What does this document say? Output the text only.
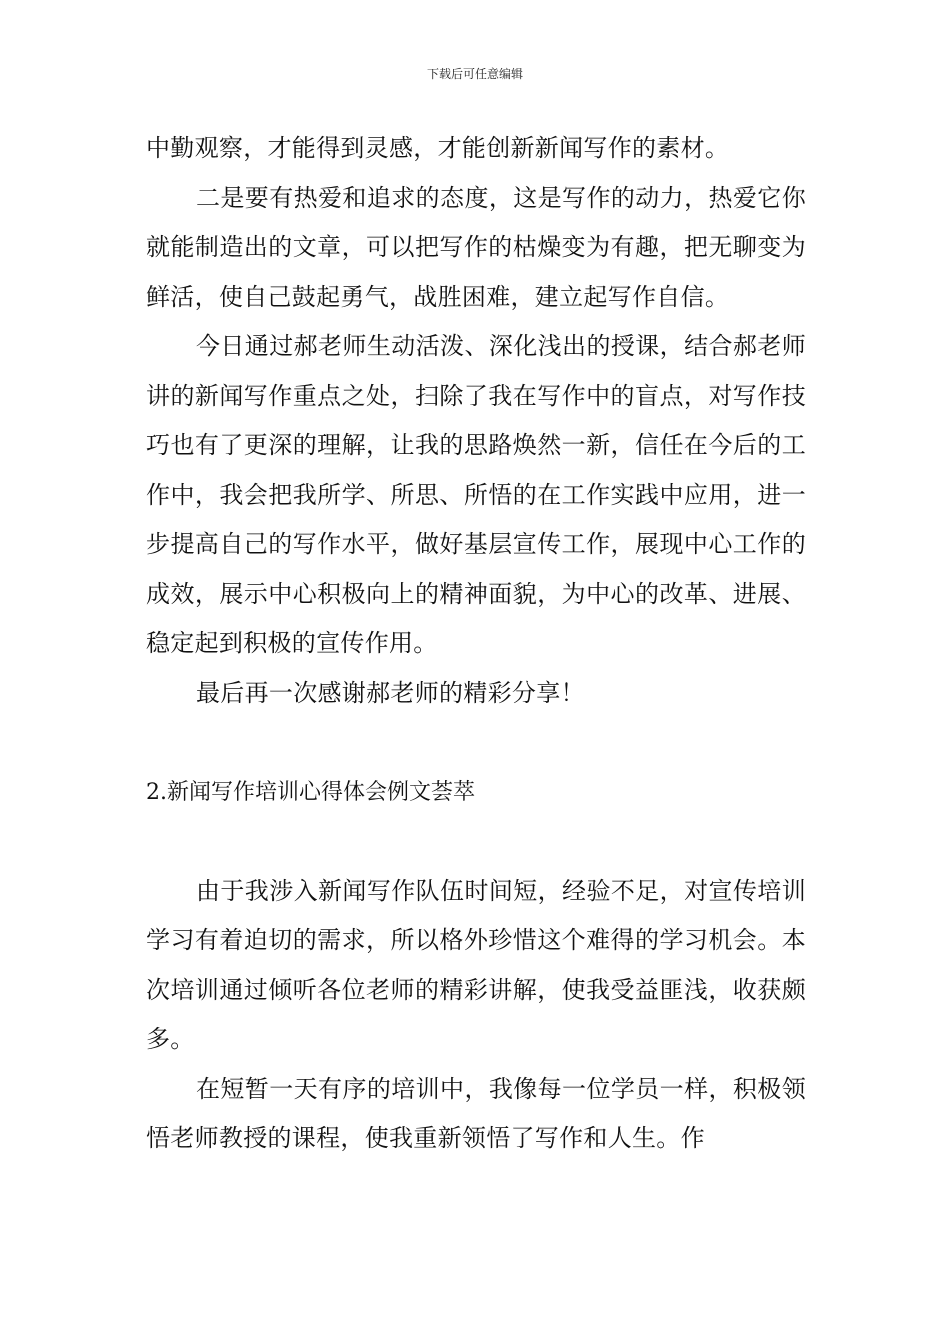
下载后可任意编辑

中勤观察，才能得到灵感，才能创新新闻写作的素材。

二是要有热爱和追求的态度，这是写作的动力，热爱它你就能制造出的文章，可以把写作的枯燥变为有趣，把无聊变为鲜活，使自己鼓起勇气，战胜困难，建立起写作自信。

今日通过郝老师生动活泼、深化浅出的授课，结合郝老师讲的新闻写作重点之处，扫除了我在写作中的盲点，对写作技巧也有了更深的理解，让我的思路焕然一新，信任在今后的工作中，我会把我所学、所思、所悟的在工作实践中应用，进一步提高自己的写作水平，做好基层宣传工作，展现中心工作的成效，展示中心积极向上的精神面貌，为中心的改革、进展、稳定起到积极的宣传作用。

最后再一次感谢郝老师的精彩分享！

2.新闻写作培训心得体会例文荟萃

由于我涉入新闻写作队伍时间短，经验不足，对宣传培训学习有着迫切的需求，所以格外珍惜这个难得的学习机会。本次培训通过倾听各位老师的精彩讲解，使我受益匪浅，收获颇多。

在短暂一天有序的培训中，我像每一位学员一样，积极领悟老师教授的课程，使我重新领悟了写作和人生。作
